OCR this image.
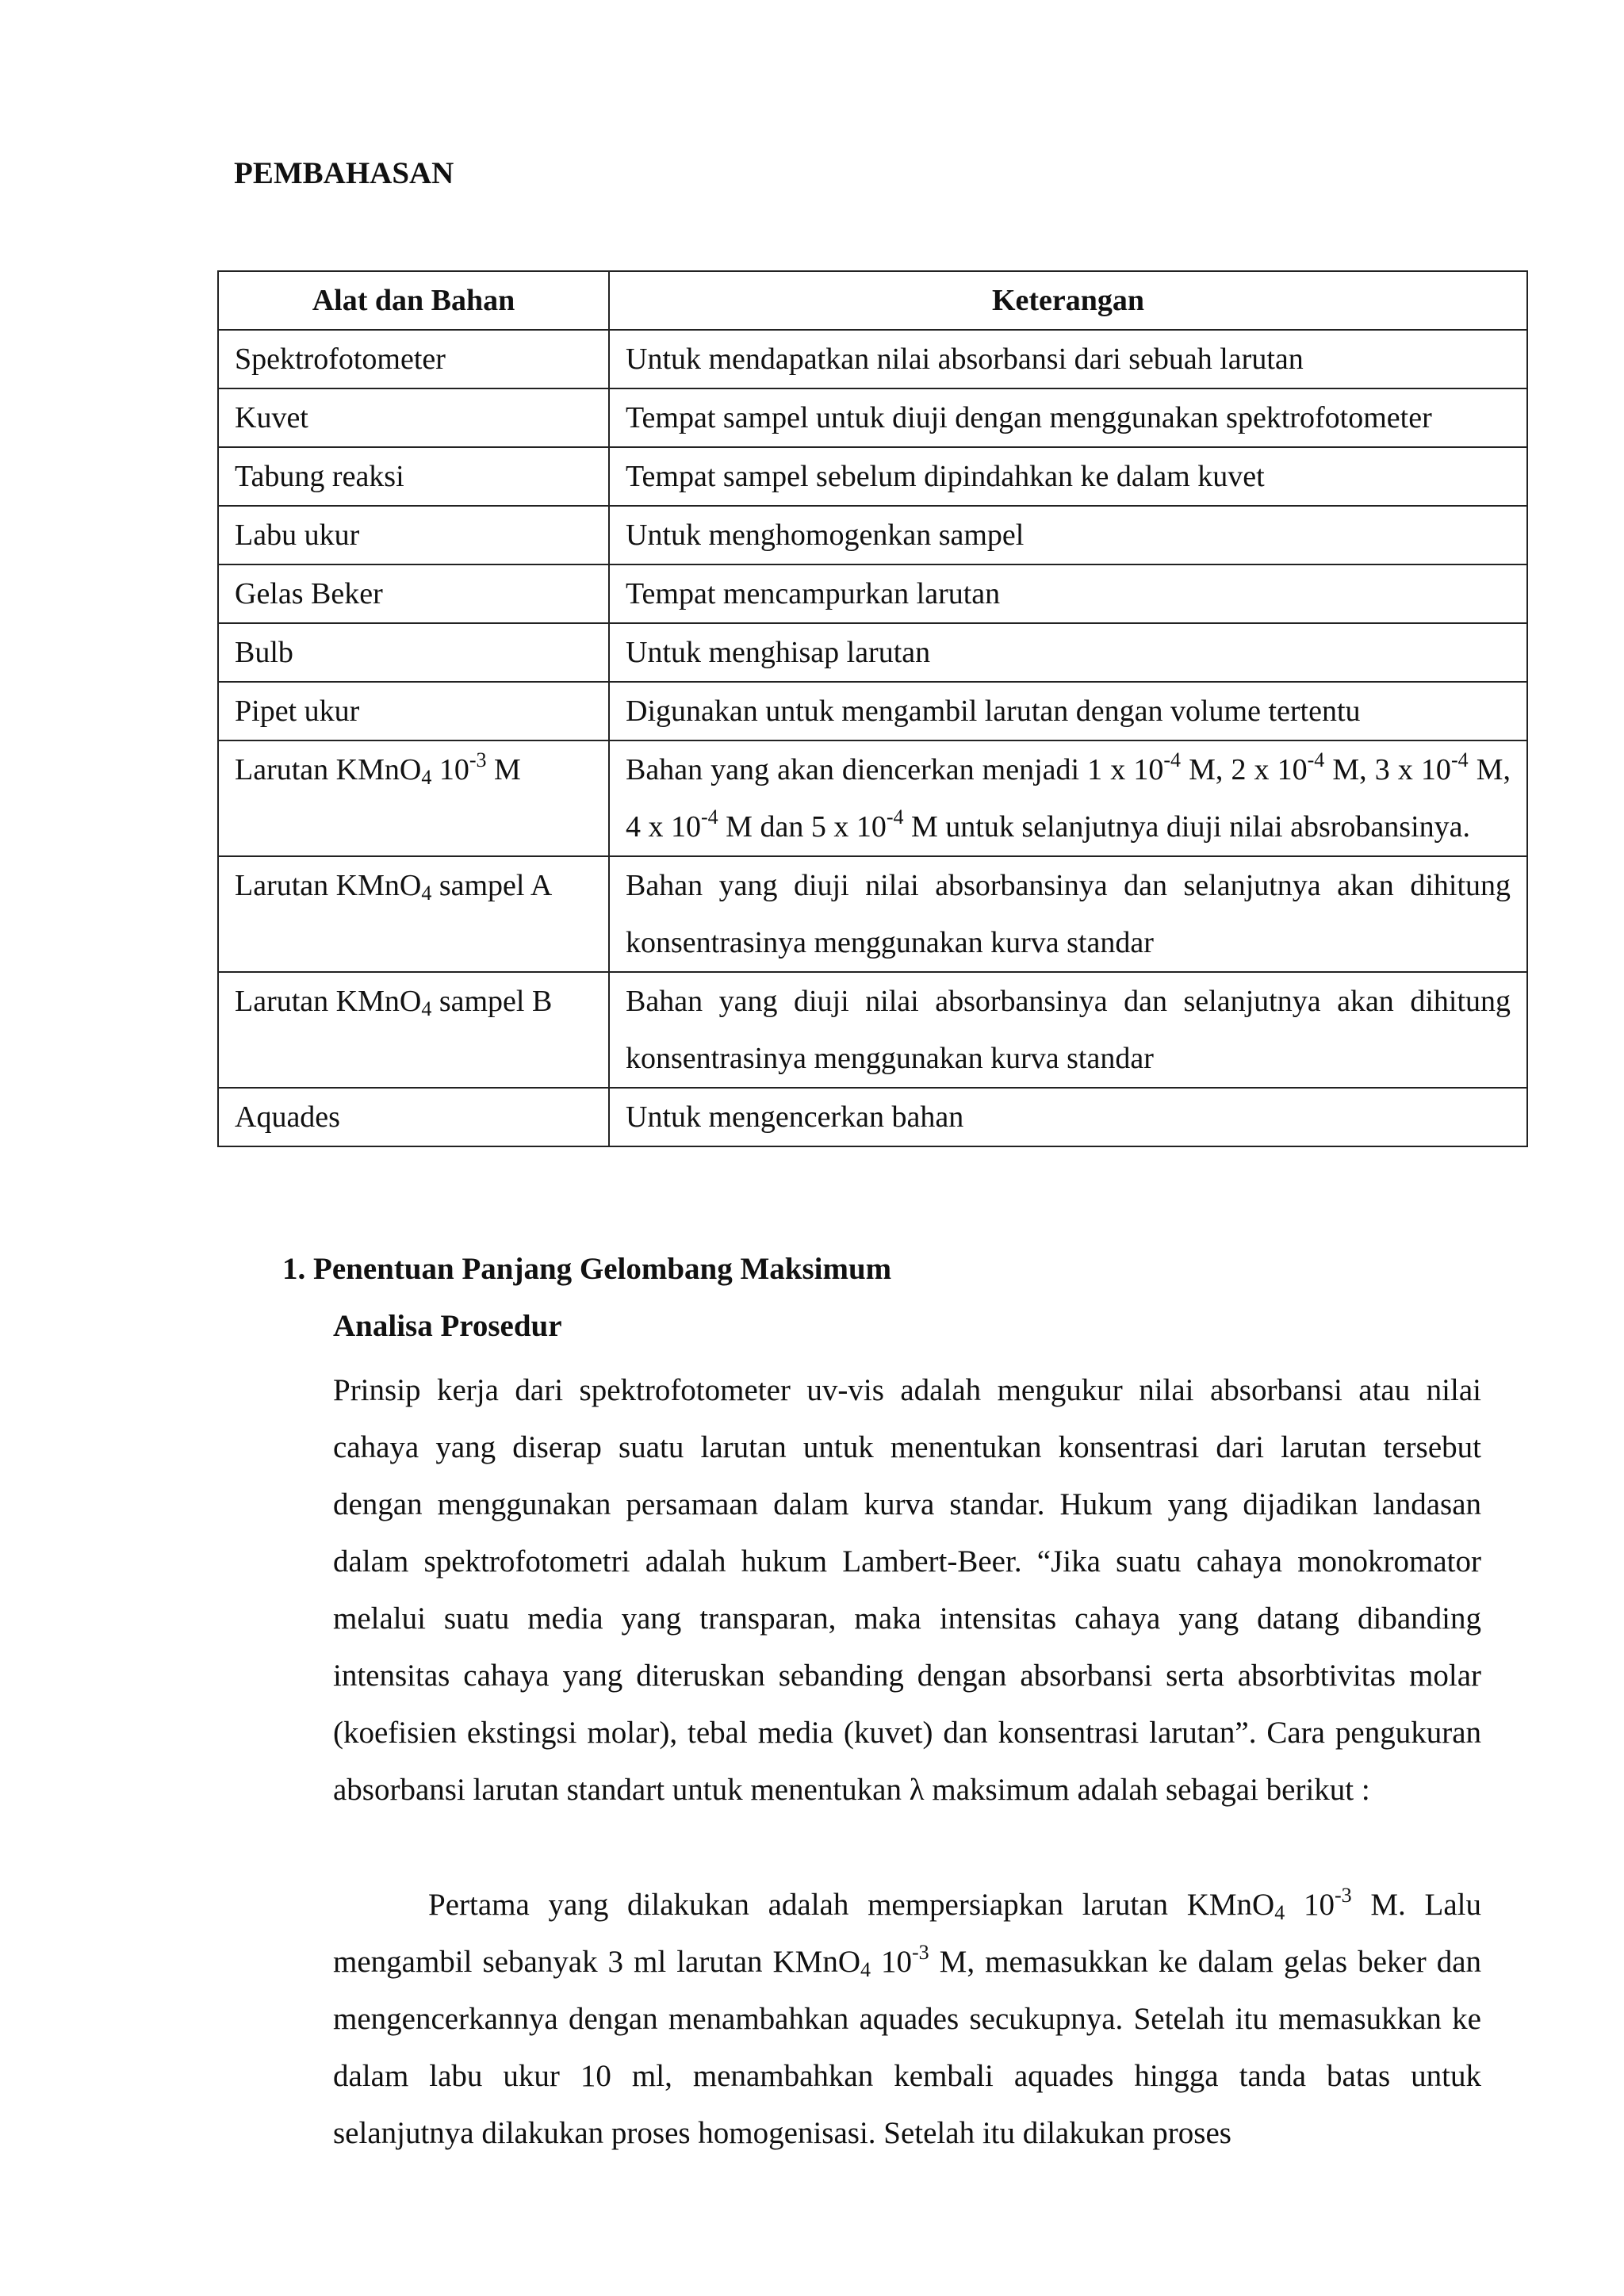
PEMBAHASAN
Alat dan Bahan	Keterangan
Spektrofotometer	Untuk mendapatkan nilai absorbansi dari sebuah larutan
Kuvet	Tempat sampel untuk diuji dengan menggunakan spektrofotometer
Tabung reaksi	Tempat sampel sebelum dipindahkan ke dalam kuvet
Labu ukur	Untuk menghomogenkan sampel
Gelas Beker	Tempat mencampurkan larutan
Bulb	Untuk menghisap larutan
Pipet ukur	Digunakan untuk mengambil larutan dengan volume tertentu
Larutan KMnO$_4$ $10^{-3}$ M	Bahan yang akan diencerkan menjadi 1 x $10^{-4}$ M, 2 x $10^{-4}$ M, 3 x $10^{-4}$ M, 4 x $10^{-4}$ M dan 5 x $10^{-4}$ M untuk selanjutnya diuji nilai absrobansinya.
Larutan KMnO$_4$ sampel A	Bahan yang diuji nilai absorbansinya dan selanjutnya akan dihitung konsentrasinya menggunakan kurva standar
Larutan KMnO$_4$ sampel B	Bahan yang diuji nilai absorbansinya dan selanjutnya akan dihitung konsentrasinya menggunakan kurva standar
Aquades	Untuk mengencerkan bahan
1. Penentuan Panjang Gelombang Maksimum
Analisa Prosedur

Prinsip kerja dari spektrofotometer uv-vis adalah mengukur nilai absorbansi atau nilai cahaya yang diserap suatu larutan untuk menentukan konsentrasi dari larutan tersebut dengan menggunakan persamaan dalam kurva standar. Hukum yang dijadikan landasan dalam spektrofotometri adalah hukum Lambert-Beer. “Jika suatu cahaya monokromator melalui suatu media yang transparan, maka intensitas cahaya yang datang dibanding intensitas cahaya yang diteruskan sebanding dengan absorbansi serta absorbtivitas molar (koefisien ekstingsi molar), tebal media (kuvet) dan konsentrasi larutan”. Cara pengukuran absorbansi larutan standart untuk menentukan λ maksimum adalah sebagai berikut :

Pertama yang dilakukan adalah mempersiapkan larutan KMnO$_4$ $10^{-3}$ M. Lalu mengambil sebanyak 3 ml larutan KMnO$_4$ $10^{-3}$ M, memasukkan ke dalam gelas beker dan mengencerkannya dengan menambahkan aquades secukupnya. Setelah itu memasukkan ke dalam labu ukur 10 ml, menambahkan kembali aquades hingga tanda batas untuk selanjutnya dilakukan proses homogenisasi. Setelah itu dilakukan proses
